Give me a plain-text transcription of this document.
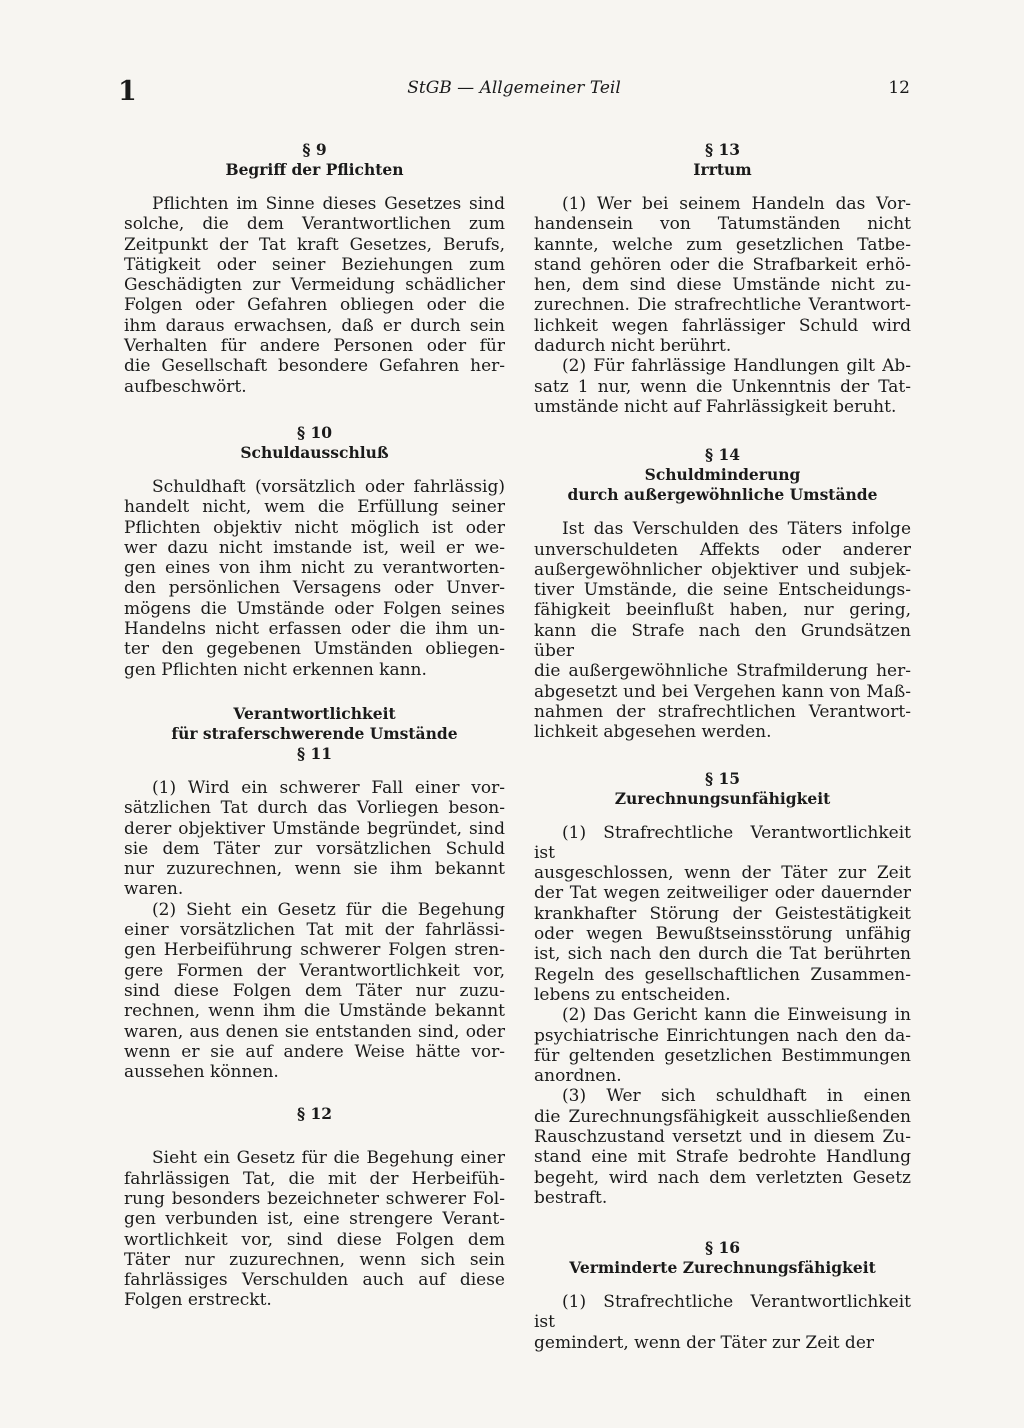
1	StGB — Allgemeiner Teil	12
§ 9

Begriff der Pflichten

Pflichten im Sinne dieses Gesetzes sind
solche, die dem Verantwortlichen zum
Zeitpunkt der Tat kraft Gesetzes, Berufs,
Tätigkeit oder seiner Beziehungen zum
Geschädigten zur Vermeidung schädlicher
Folgen oder Gefahren obliegen oder die
ihm daraus erwachsen, daß er durch sein
Verhalten für andere Personen oder für
die Gesellschaft besondere Gefahren her-
aufbeschwört.

§ 10

Schuldausschluß

Schuldhaft (vorsätzlich oder fahrlässig)
handelt nicht, wem die Erfüllung seiner
Pflichten objektiv nicht möglich ist oder
wer dazu nicht imstande ist, weil er we-
gen eines von ihm nicht zu verantworten-
den persönlichen Versagens oder Unver-
mögens die Umstände oder Folgen seines
Handelns nicht erfassen oder die ihm un-
ter den gegebenen Umständen obliegen-
gen Pflichten nicht erkennen kann.

Verantwortlichkeit
für straferschwerende Umstände

§ 11

(1) Wird ein schwerer Fall einer vor-
sätzlichen Tat durch das Vorliegen beson-
derer objektiver Umstände begründet, sind
sie dem Täter zur vorsätzlichen Schuld
nur zuzurechnen, wenn sie ihm bekannt
waren.

(2) Sieht ein Gesetz für die Begehung
einer vorsätzlichen Tat mit der fahrlässi-
gen Herbeiführung schwerer Folgen stren-
gere Formen der Verantwortlichkeit vor,
sind diese Folgen dem Täter nur zuzu-
rechnen, wenn ihm die Umstände bekannt
waren, aus denen sie entstanden sind, oder
wenn er sie auf andere Weise hätte vor-
aussehen können.

§ 12

Sieht ein Gesetz für die Begehung einer
fahrlässigen Tat, die mit der Herbeifüh-
rung besonders bezeichneter schwerer Fol-
gen verbunden ist, eine strengere Verant-
wortlichkeit vor, sind diese Folgen dem
Täter nur zuzurechnen, wenn sich sein
fahrlässiges Verschulden auch auf diese
Folgen erstreckt.

§ 13

Irrtum

(1) Wer bei seinem Handeln das Vor-
handensein von Tatumständen nicht
kannte, welche zum gesetzlichen Tatbe-
stand gehören oder die Strafbarkeit erhö-
hen, dem sind diese Umstände nicht zu-
zurechnen. Die strafrechtliche Verantwort-
lichkeit wegen fahrlässiger Schuld wird
dadurch nicht berührt.

(2) Für fahrlässige Handlungen gilt Ab-
satz 1 nur, wenn die Unkenntnis der Tat-
umstände nicht auf Fahrlässigkeit beruht.

§ 14

Schuldminderung
durch außergewöhnliche Umstände

Ist das Verschulden des Täters infolge
unverschuldeten Affekts oder anderer
außergewöhnlicher objektiver und subjek-
tiver Umstände, die seine Entscheidungs-
fähigkeit beeinflußt haben, nur gering,
kann die Strafe nach den Grundsätzen über
die außergewöhnliche Strafmilderung her-
abgesetzt und bei Vergehen kann von Maß-
nahmen der strafrechtlichen Verantwort-
lichkeit abgesehen werden.

§ 15

Zurechnungsunfähigkeit

(1) Strafrechtliche Verantwortlichkeit ist
ausgeschlossen, wenn der Täter zur Zeit
der Tat wegen zeitweiliger oder dauernder
krankhafter Störung der Geistestätigkeit
oder wegen Bewußtseinsstörung unfähig
ist, sich nach den durch die Tat berührten
Regeln des gesellschaftlichen Zusammen-
lebens zu entscheiden.

(2) Das Gericht kann die Einweisung in
psychiatrische Einrichtungen nach den da-
für geltenden gesetzlichen Bestimmungen
anordnen.

(3) Wer sich schuldhaft in einen
die Zurechnungsfähigkeit ausschließenden
Rauschzustand versetzt und in diesem Zu-
stand eine mit Strafe bedrohte Handlung
begeht, wird nach dem verletzten Gesetz
bestraft.

§ 16

Verminderte Zurechnungsfähigkeit

(1) Strafrechtliche Verantwortlichkeit ist
gemindert, wenn der Täter zur Zeit der
